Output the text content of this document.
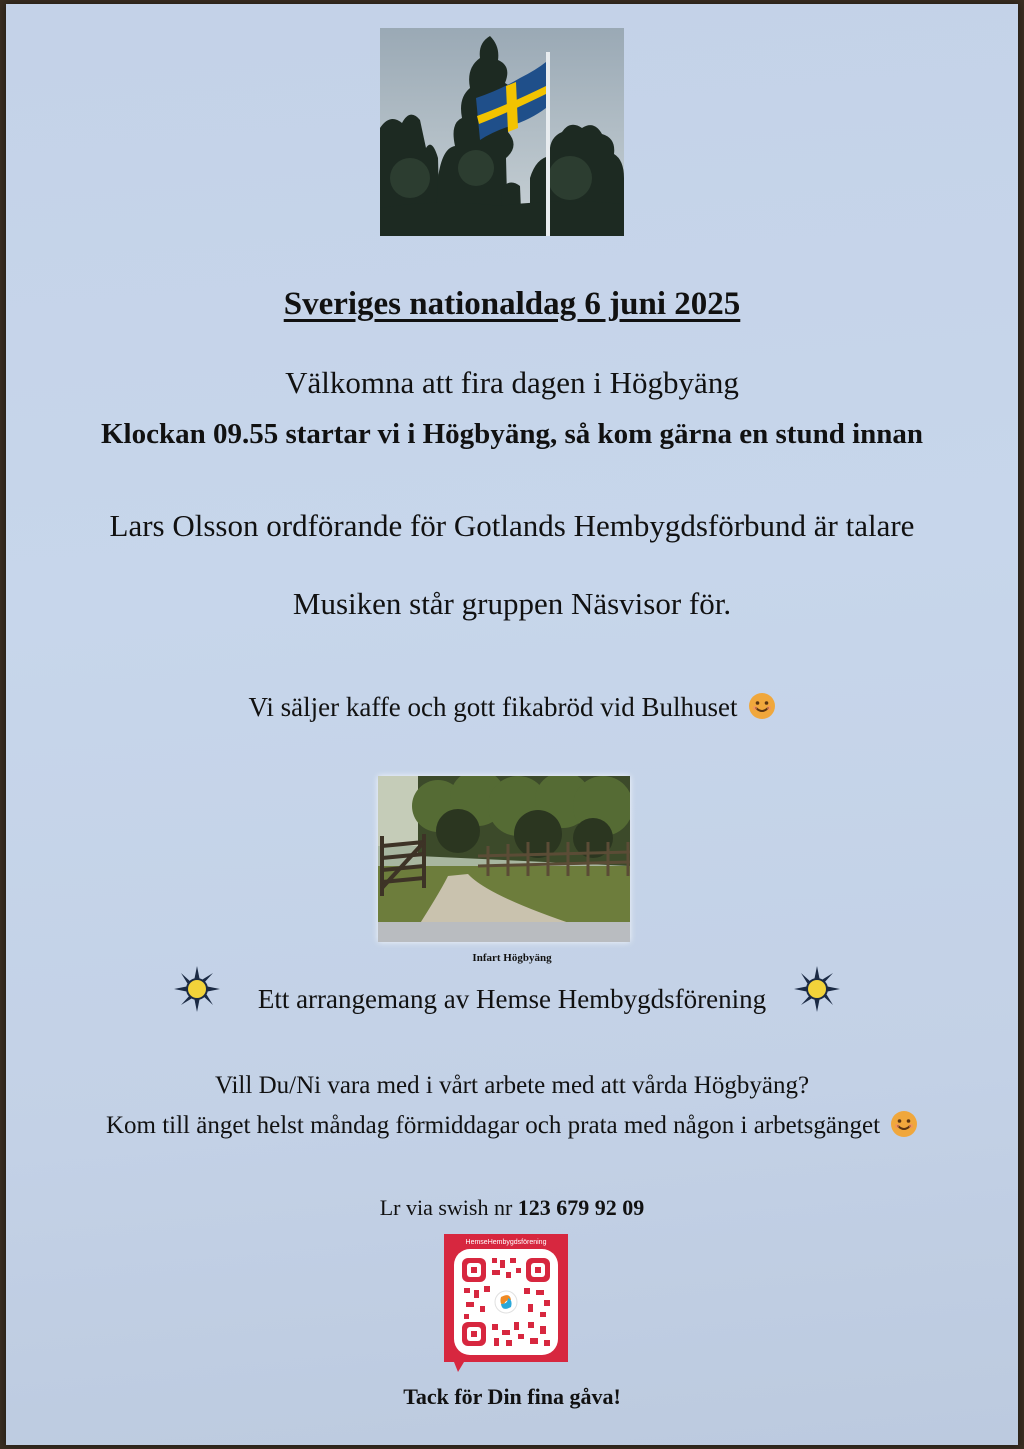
Sveriges nationaldag 6 juni 2025
Välkomna att fira dagen i Högbyäng
Klockan 09.55 startar vi i Högbyäng, så kom gärna en stund innan
Lars Olsson ordförande för Gotlands Hembygdsförbund är talare
Musiken står gruppen Näsvisor för.
Vi säljer kaffe och gott fikabröd vid Bulhuset
Infart Högbyäng
Ett arrangemang av Hemse Hembygdsförening
Vill Du/Ni vara med i vårt arbete med att vårda Högbyäng?
Kom till änget helst måndag förmiddagar och prata med någon i arbetsgänget
Lr via swish nr 123 679 92 09
HemseHembygdsförening
Tack för Din fina gåva!
